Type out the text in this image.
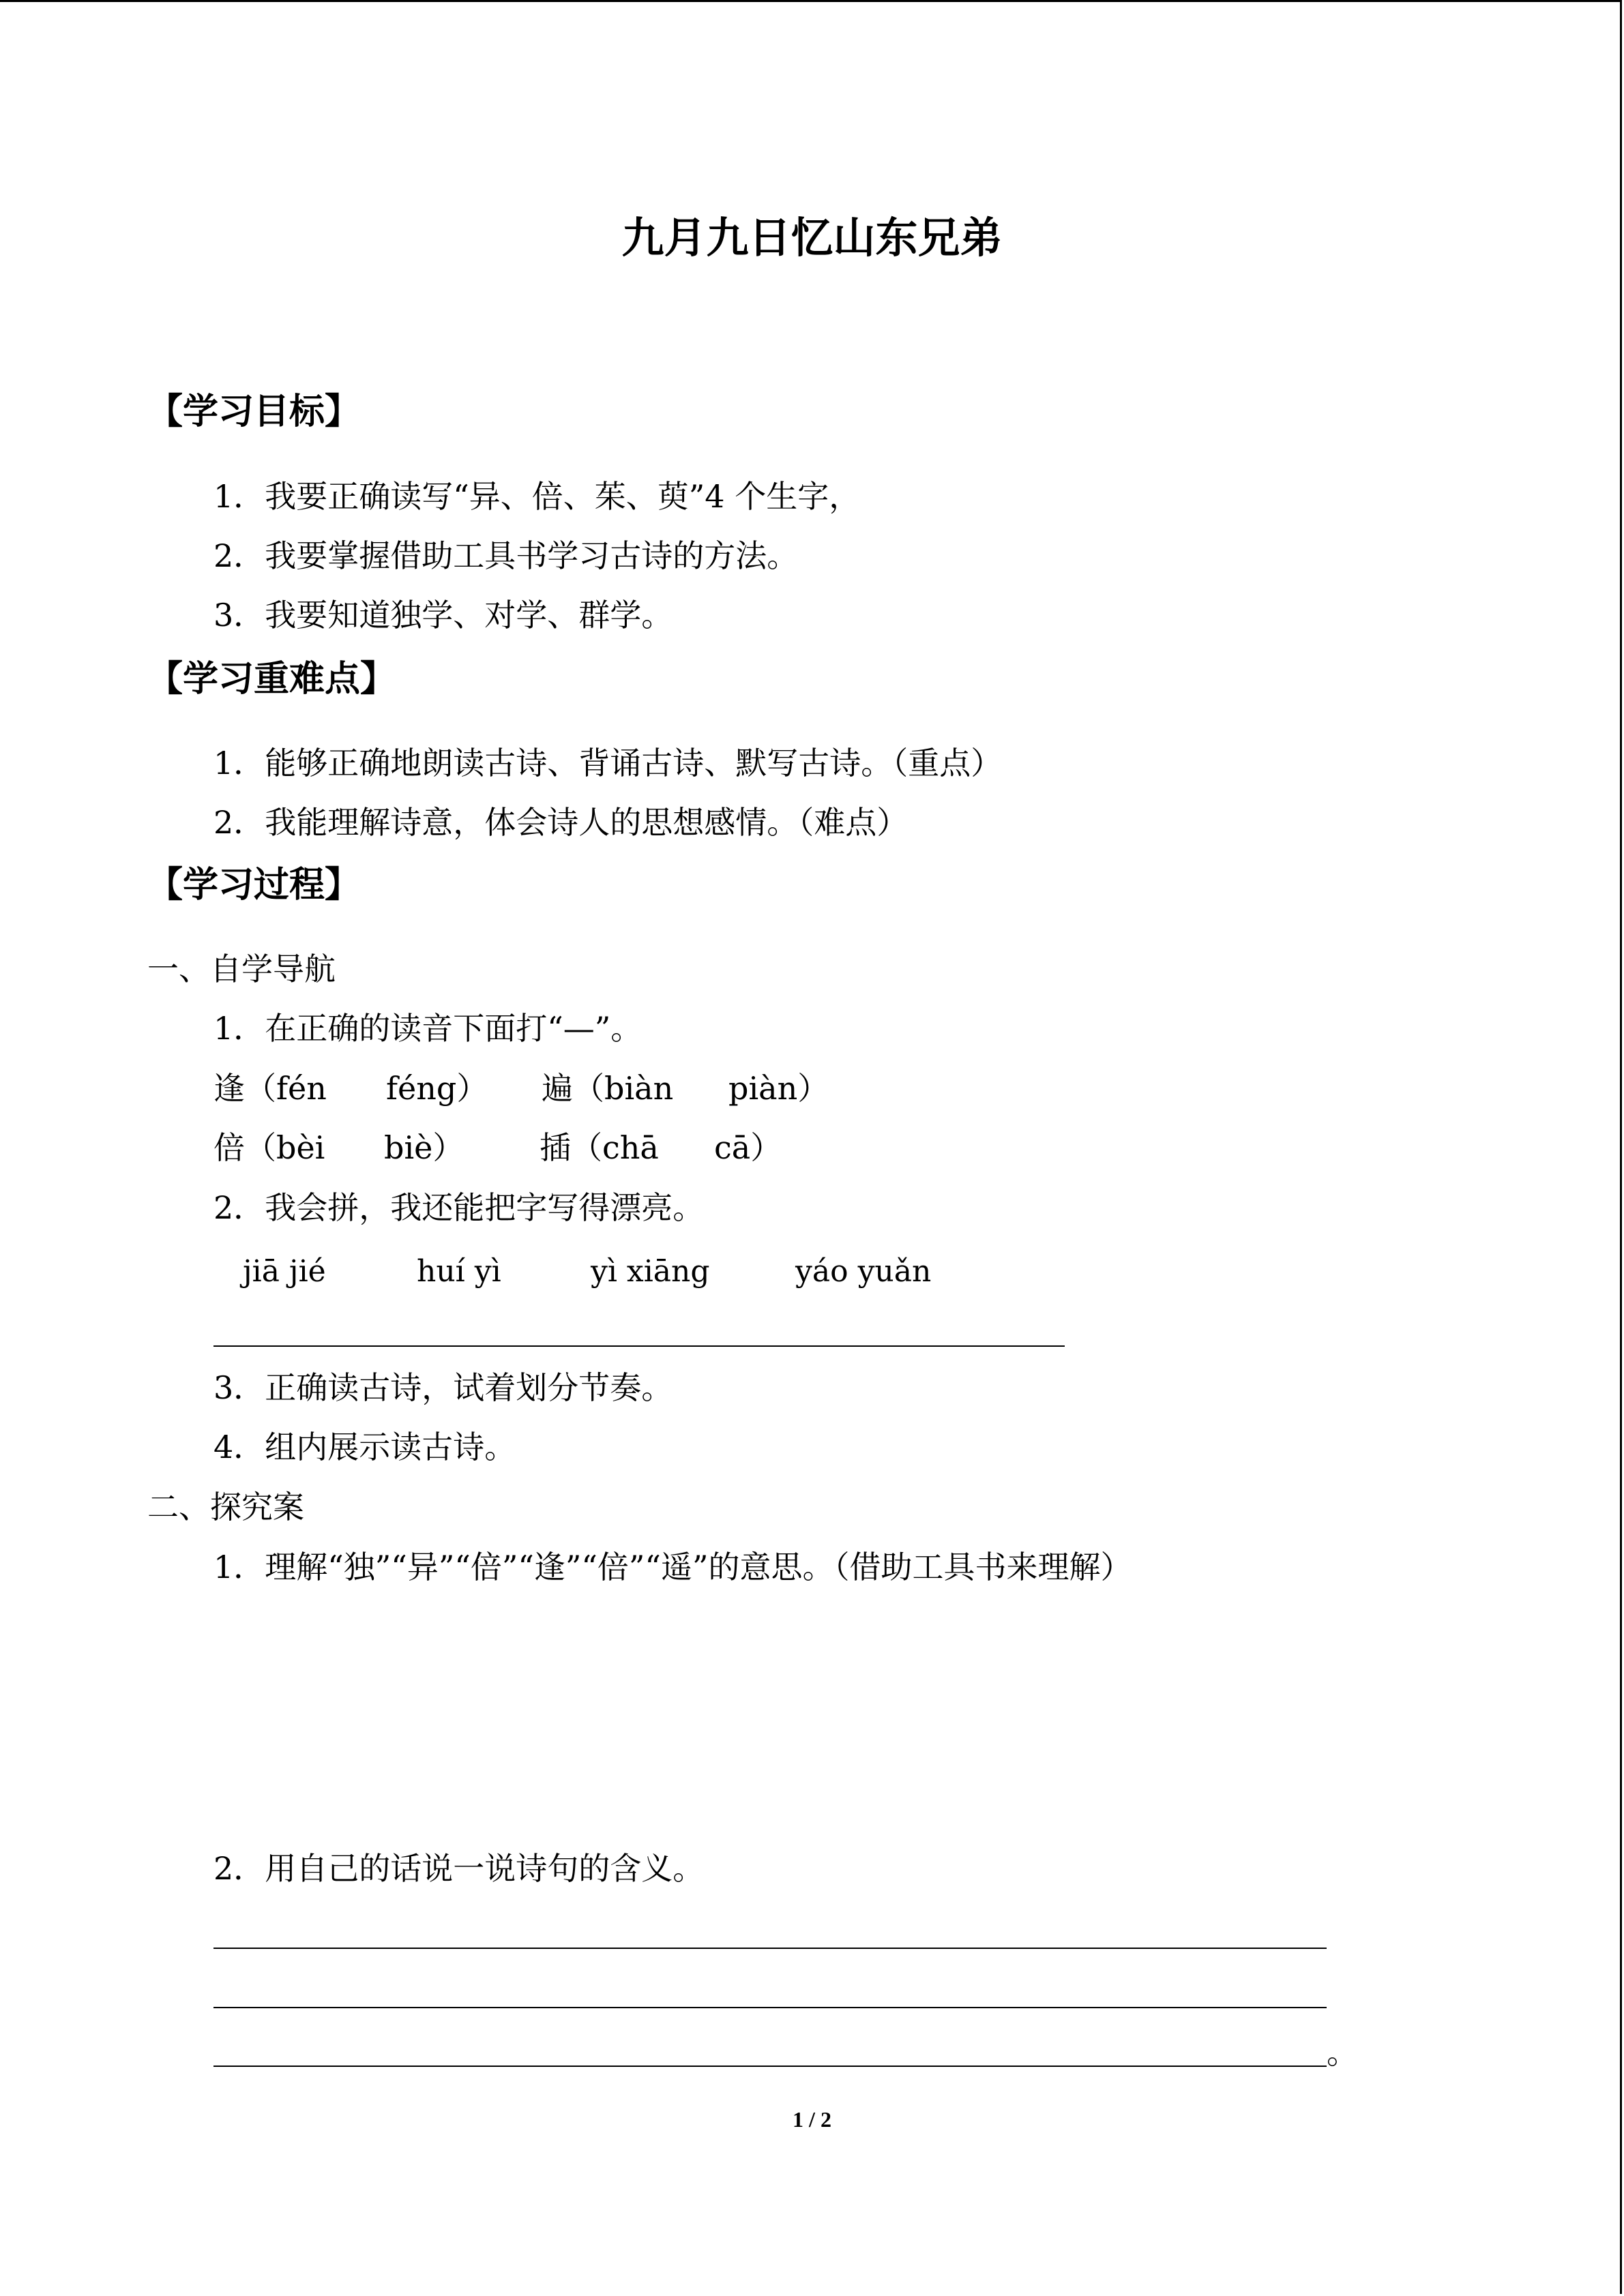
九月九日忆山东兄弟
【学习目标】
1．我要正确读写“异、倍、茱、萸”4 个生字，
2．我要掌握借助工具书学习古诗的方法。
3．我要知道独学、对学、群学。
【学习重难点】
1．能够正确地朗读古诗、背诵古诗、默写古诗。（重点）
2．我能理解诗意，体会诗人的思想感情。（难点）
【学习过程】
一、自学导航
1．在正确的读音下面打“—”。
逢（fén féng） 遍（biàn piàn）
倍（bèi biè） 插（chā cā）
2．我会拼，我还能把字写得漂亮。
jiā jié	huí yì	yì xiāng	yáo yuǎn
3．正确读古诗，试着划分节奏。
4．组内展示读古诗。
二、探究案
1．理解“独”“异”“倍”“逢”“倍”“遥”的意思。（借助工具书来理解）
2．用自己的话说一说诗句的含义。
。
1 / 2
